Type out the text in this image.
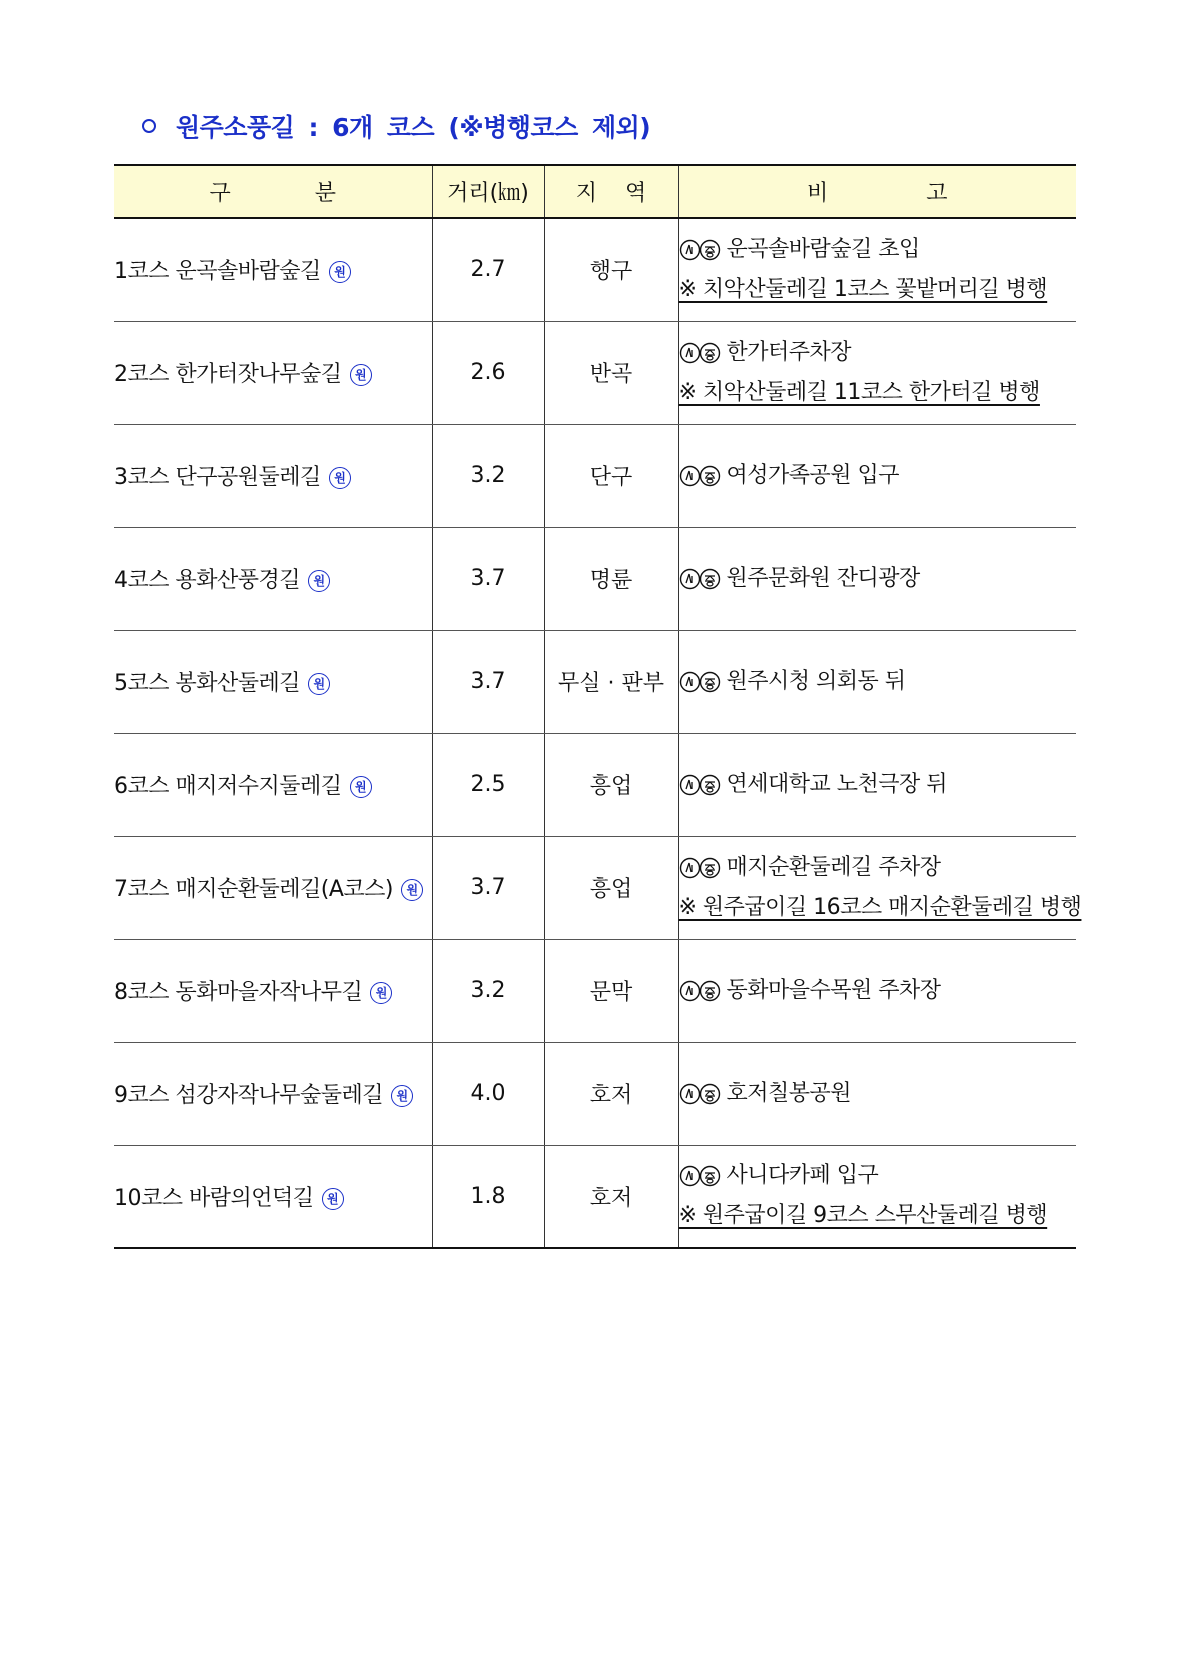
원주소풍길 : 6개 코스 (※병행코스 제외)
구            분	거리(㎞)	지    역	비              고
1코스 운곡솔바람숲길 원	2.7	행구	운곡솔바람숲길 초입
※ 치악산둘레길 1코스 꽃밭머리길 병행

2코스 한가터잣나무숲길 원	2.6	반곡	한가터주차장
※ 치악산둘레길 11코스 한가터길 병행

3코스 단구공원둘레길 원	3.2	단구	여성가족공원 입구

4코스 용화산풍경길 원	3.7	명륜	원주문화원 잔디광장

5코스 봉화산둘레길 원	3.7	무실 · 판부	원주시청 의회동 뒤

6코스 매지저수지둘레길 원	2.5	흥업	연세대학교 노천극장 뒤

7코스 매지순환둘레길(A코스) 원	3.7	흥업	매지순환둘레길 주차장
※ 원주굽이길 16코스 매지순환둘레길 병행

8코스 동화마을자작나무길 원	3.2	문막	동화마을수목원 주차장

9코스 섬강자작나무숲둘레길 원	4.0	호저	호저칠봉공원

10코스 바람의언덕길 원	1.8	호저	사니다카페 입구
※ 원주굽이길 9코스 스무산둘레길 병행
